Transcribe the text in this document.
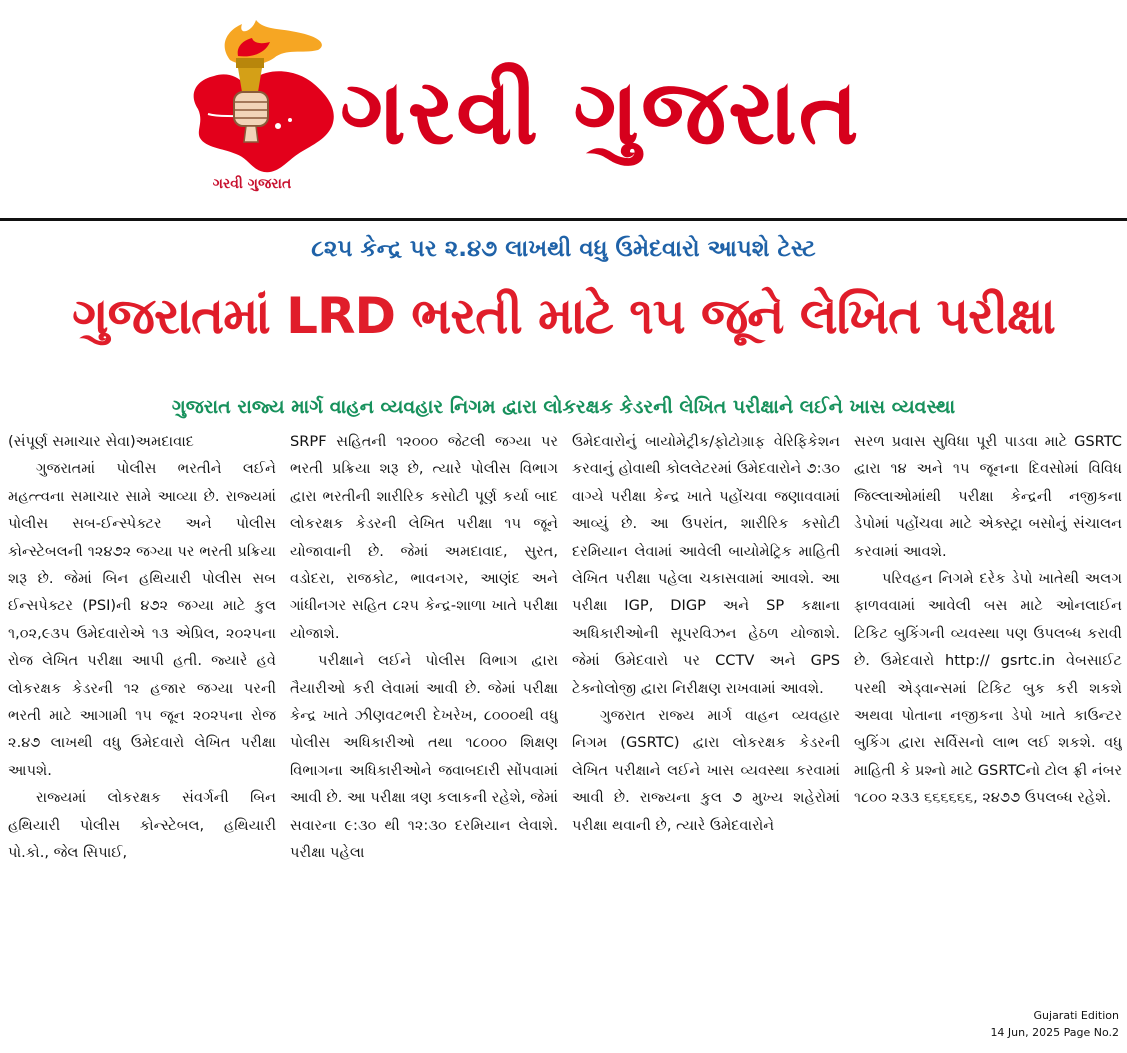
ગરવી ગુજરાત
ગરવી ગુજરાત
૮૨૫ કેન્દ્ર પર ૨.૪૭ લાખથી વધુ ઉમેદવારો આપશે ટેસ્ટ
ગુજરાતમાં LRD ભરતી માટે ૧૫ જૂને લેખિત પરીક્ષા
ગુજરાત રાજ્ય માર્ગ વાહન વ્યવહાર નિગમ દ્વારા લોકરક્ષક કેડરની લેખિત પરીક્ષાને લઈને ખાસ વ્યવસ્થા

(સંપૂર્ણ સમાચાર સેવા)અમદાવાદ

ગુજરાતમાં પોલીસ ભરતીને લઈને મહત્ત્વના સમાચાર સામે આવ્યા છે. રાજ્યમાં પોલીસ સબ-ઈન્સ્પેક્ટર અને પોલીસ કોન્સ્ટેબલની ૧૨૪૭૨ જગ્યા પર ભરતી પ્રક્રિયા શરૂ છે. જેમાં બિન હથિયારી પોલીસ સબ ઈન્સપેક્ટર (PSI)ની ૪૭૨ જગ્યા માટે કુલ ૧,૦૨,૯૩૫ ઉમેદવારોએ ૧૩ એપ્રિલ, ૨૦૨૫ના રોજ લેખિત પરીક્ષા આપી હતી. જ્યારે હવે લોકરક્ષક કેડરની ૧૨ હજાર જગ્યા પરની ભરતી માટે આગામી ૧૫ જૂન ૨૦૨૫ના રોજ ૨.૪૭ લાખથી વધુ ઉમેદવારો લેખિત પરીક્ષા આપશે.

રાજ્યમાં લોકરક્ષક સંવર્ગની બિન હથિયારી પોલીસ કોન્સ્ટેબલ, હથિયારી પો.કો., જેલ સિપાઈ,

SRPF સહિતની ૧૨૦૦૦ જેટલી જગ્યા પર ભરતી પ્રક્રિયા શરૂ છે, ત્યારે પોલીસ વિભાગ દ્વારા ભરતીની શારીરિક કસોટી પૂર્ણ કર્યા બાદ લોકરક્ષક કેડરની લેખિત પરીક્ષા ૧૫ જૂને યોજાવાની છે. જેમાં અમદાવાદ, સુરત, વડોદરા, રાજકોટ, ભાવનગર, આણંદ અને ગાંધીનગર સહિત ૮૨૫ કેન્દ્ર-શાળા ખાતે પરીક્ષા યોજાશે.

પરીક્ષાને લઈને પોલીસ વિભાગ દ્વારા તૈયારીઓ કરી લેવામાં આવી છે. જેમાં પરીક્ષા કેન્દ્ર ખાતે ઝીણવટભરી દેખરેખ, ૮૦૦૦થી વધુ પોલીસ અધિકારીઓ તથા ૧૮૦૦૦ શિક્ષણ વિભાગના અધિકારીઓને જવાબદારી સોંપવામાં આવી છે. આ પરીક્ષા ત્રણ કલાકની રહેશે, જેમાં સવારના ૯:૩૦ થી ૧૨:૩૦ દરમિયાન લેવાશે. પરીક્ષા પહેલા

ઉમેદવારોનું બાયોમેટ્રીક/ફોટોગ્રાફ વેરિફિકેશન કરવાનું હોવાથી કોલલેટરમાં ઉમેદવારોને ૭:૩૦ વાગ્યે પરીક્ષા કેન્દ્ર ખાતે પહોંચવા જણાવવામાં આવ્યું છે. આ ઉપરાંત, શારીરિક કસોટી દરમિયાન લેવામાં આવેલી બાયોમેટ્રિક માહિતી લેખિત પરીક્ષા પહેલા ચકાસવામાં આવશે. આ પરીક્ષા IGP, DIGP અને SP કક્ષાના અધિકારીઓની સૂપરવિઝન હેઠળ યોજાશે. જેમાં ઉમેદવારો પર CCTV અને GPS ટેક્નોલોજી દ્વારા નિરીક્ષણ રાખવામાં આવશે.

ગુજરાત રાજ્ય માર્ગ વાહન વ્યવહાર નિગમ (GSRTC) દ્વારા લોકરક્ષક કેડરની લેખિત પરીક્ષાને લઈને ખાસ વ્યવસ્થા કરવામાં આવી છે. રાજ્યના કુલ ૭ મુખ્ય શહેરોમાં પરીક્ષા થવાની છે, ત્યારે ઉમેદવારોને

સરળ પ્રવાસ સુવિધા પૂરી પાડવા માટે GSRTC દ્વારા ૧૪ અને ૧૫ જૂનના દિવસોમાં વિવિધ જિલ્લાઓમાંથી પરીક્ષા કેન્દ્રની નજીકના ડેપોમાં પહોંચવા માટે એક્સ્ટ્રા બસોનું સંચાલન કરવામાં આવશે.

પરિવહન નિગમે દરેક ડેપો ખાતેથી અલગ ફાળવવામાં આવેલી બસ માટે ઓનલાઈન ટિકિટ બુકિંગની વ્યવસ્થા પણ ઉપલબ્ધ કરાવી છે. ઉમેદવારો http:// gsrtc.in વેબસાઈટ પરથી એડ્વાન્સમાં ટિકિટ બુક કરી શકશે અથવા પોતાના નજીકના ડેપો ખાતે કાઉન્ટર બુકિંગ દ્વારા સર્વિસનો લાભ લઈ શકશે. વધુ માહિતી કે પ્રશ્નો માટે GSRTCનો ટોલ ફ્રી નંબર ૧૮૦૦ ૨૩૩ ૬૬૬૬૬૬, ૨૪૭૭ ઉપલબ્ધ રહેશે.

Gujarati Edition
14 Jun, 2025 Page No.2
